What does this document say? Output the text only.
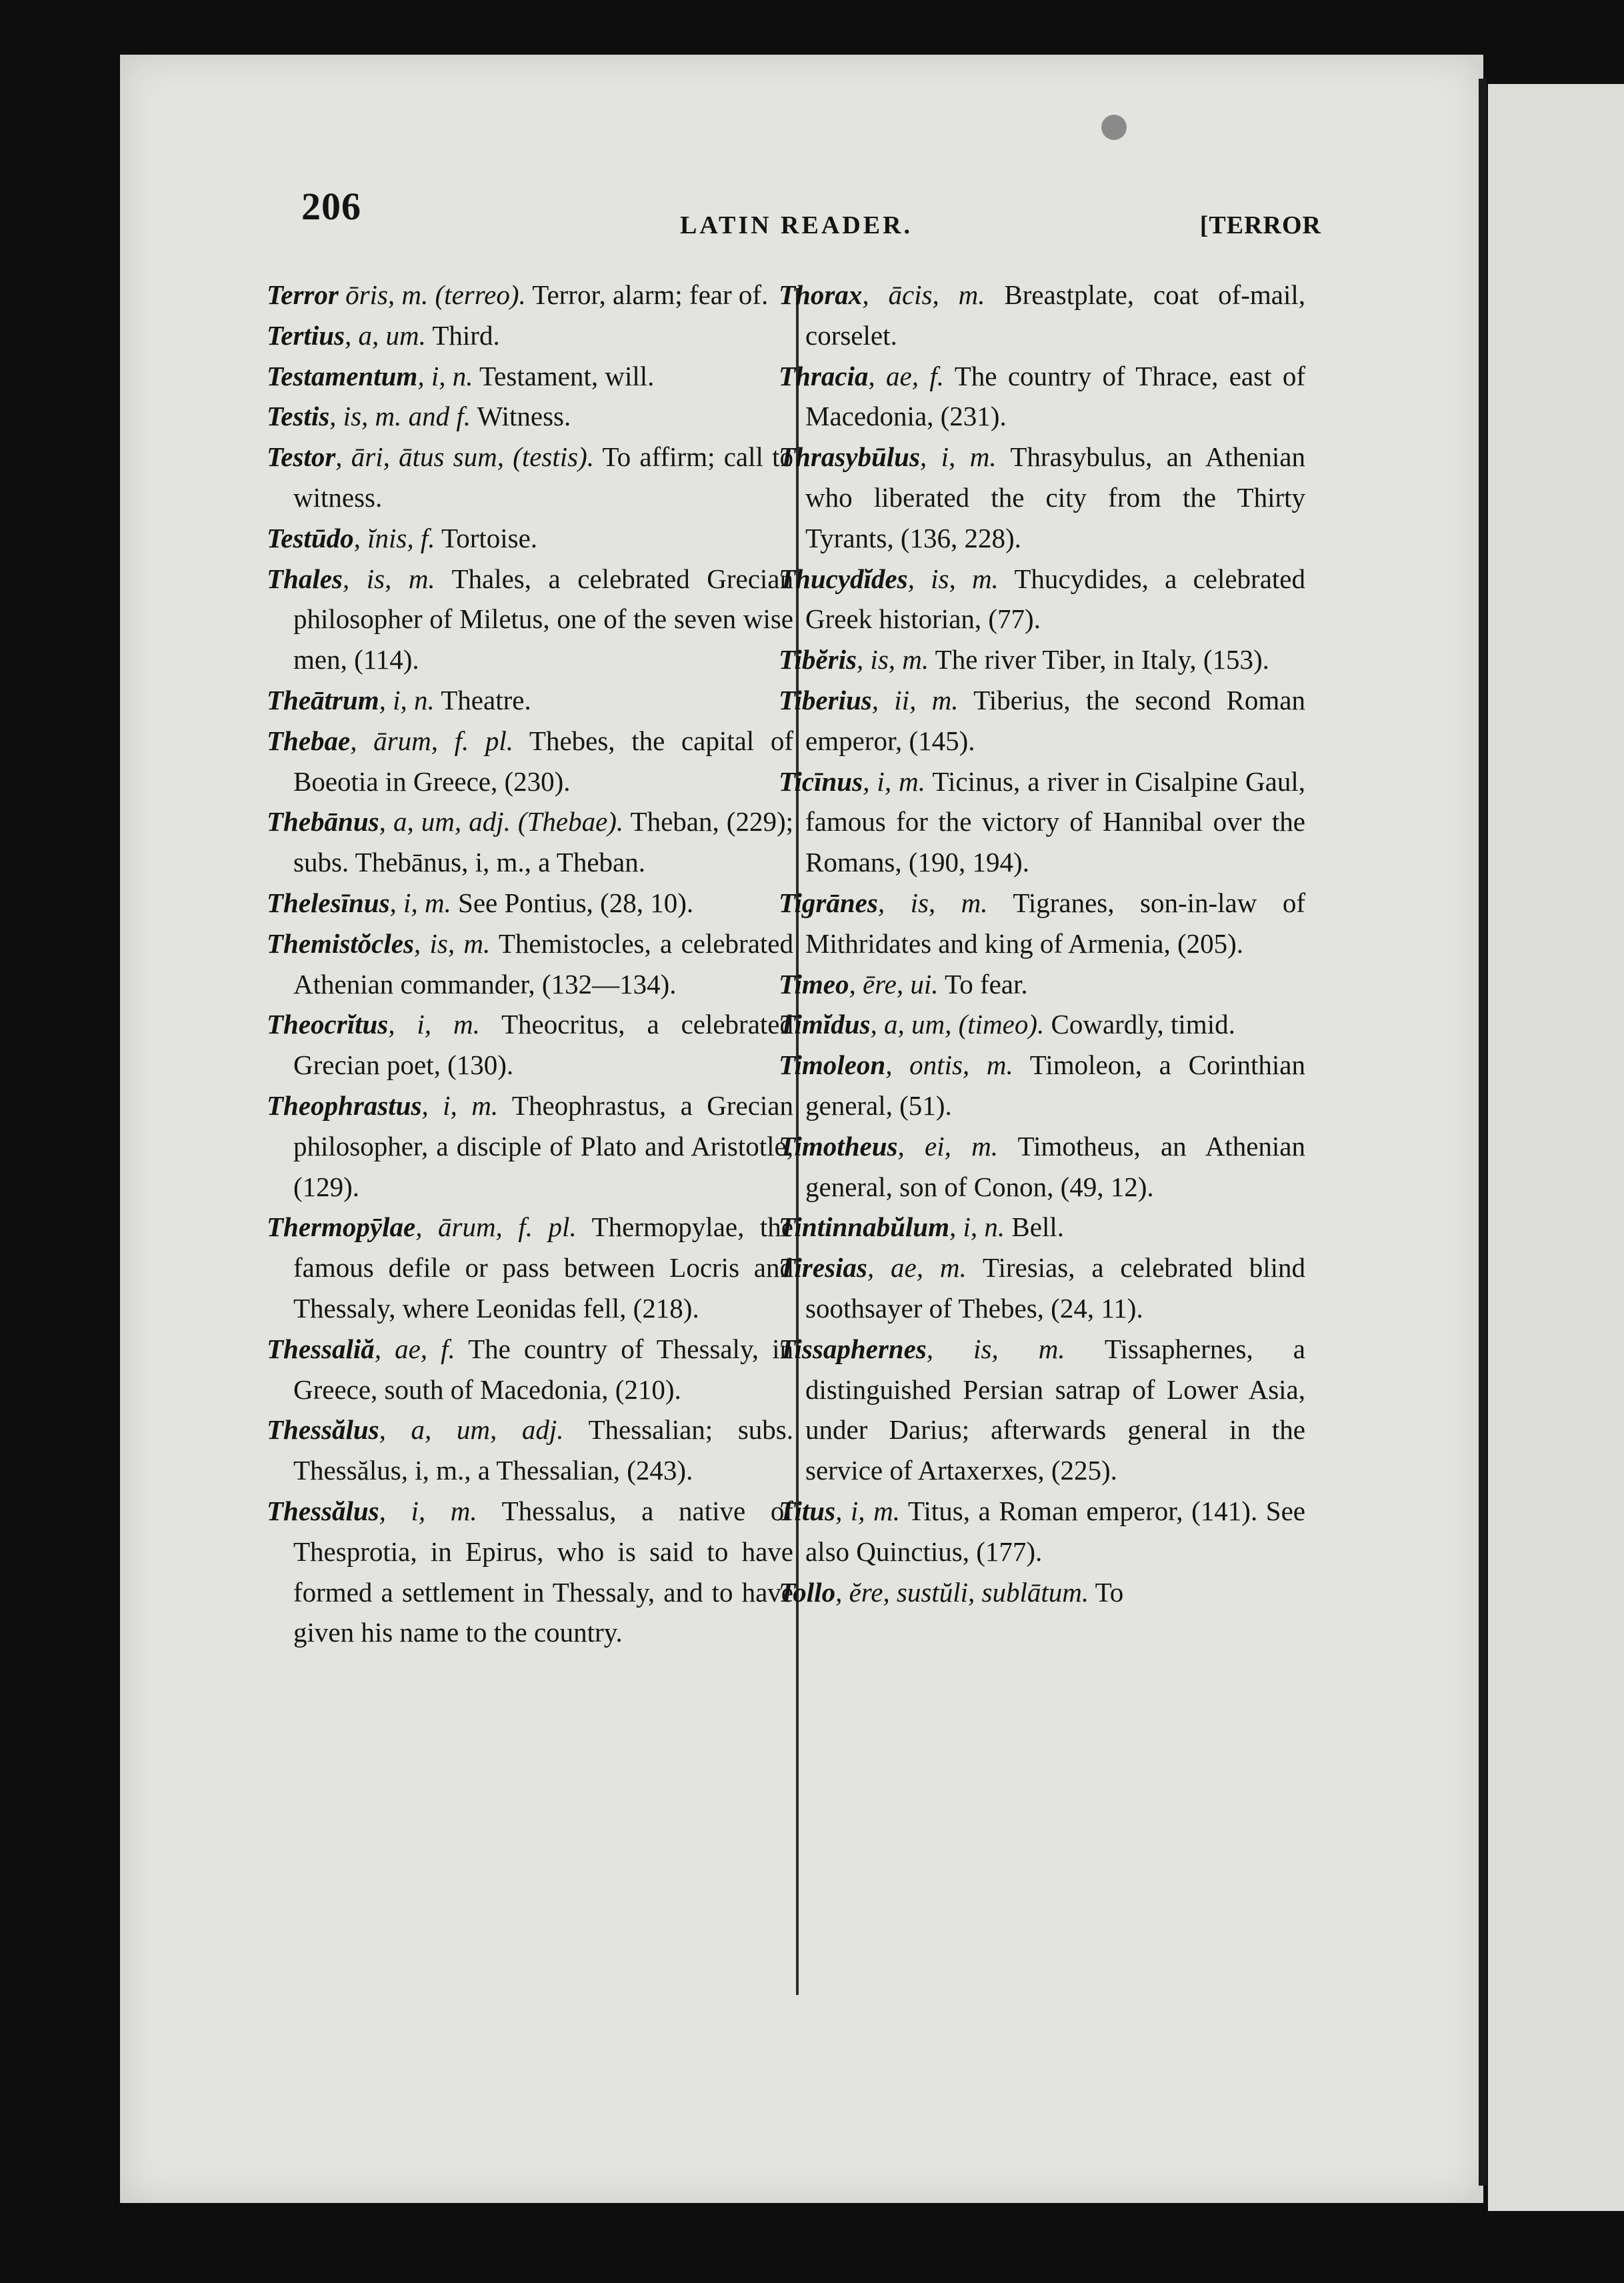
206	LATIN READER.	[TERROR

Terror ōris, m. (terreo). Terror, alarm; fear of.

Tertius, a, um. Third.

Testamentum, i, n. Testament, will.

Testis, is, m. and f. Witness.

Testor, āri, ātus sum, (testis). To affirm; call to witness.

Testūdo, ĭnis, f. Tortoise.

Thales, is, m. Thales, a celebrated Grecian philosopher of Miletus, one of the seven wise men, (114).

Theātrum, i, n. Theatre.

Thebae, ārum, f. pl. Thebes, the capital of Boeotia in Greece, (230).

Thebānus, a, um, adj. (Thebae). Theban, (229); subs. Thebānus, i, m., a Theban.

Thelesīnus, i, m. See Pontius, (28, 10).

Themistŏcles, is, m. Themistocles, a celebrated Athenian commander, (132—134).

Theocrĭtus, i, m. Theocritus, a celebrated Grecian poet, (130).

Theophrastus, i, m. Theophrastus, a Grecian philosopher, a disciple of Plato and Aristotle, (129).

Thermopȳlae, ārum, f. pl. Thermopylae, the famous defile or pass between Locris and Thessaly, where Leonidas fell, (218).

Thessaliă, ae, f. The country of Thessaly, in Greece, south of Macedonia, (210).

Thessălus, a, um, adj. Thessalian; subs. Thessălus, i, m., a Thessalian, (243).

Thessălus, i, m. Thessalus, a native of Thesprotia, in Epirus, who is said to have formed a settlement in Thessaly, and to have given his name to the country.

Thorax, ācis, m. Breastplate, coat of-mail, corselet.

Thracia, ae, f. The country of Thrace, east of Macedonia, (231).

Thrasybūlus, i, m. Thrasybulus, an Athenian who liberated the city from the Thirty Tyrants, (136, 228).

Thucydĭdes, is, m. Thucydides, a celebrated Greek historian, (77).

Tibĕris, is, m. The river Tiber, in Italy, (153).

Tiberius, ii, m. Tiberius, the second Roman emperor, (145).

Ticīnus, i, m. Ticinus, a river in Cisalpine Gaul, famous for the victory of Hannibal over the Romans, (190, 194).

Tigrānes, is, m. Tigranes, son-in-law of Mithridates and king of Armenia, (205).

Timeo, ēre, ui. To fear.

Timĭdus, a, um, (timeo). Cowardly, timid.

Timoleon, ontis, m. Timoleon, a Corinthian general, (51).

Timotheus, ei, m. Timotheus, an Athenian general, son of Conon, (49, 12).

Tintinnabŭlum, i, n. Bell.

Tiresias, ae, m. Tiresias, a celebrated blind soothsayer of Thebes, (24, 11).

Tissaphernes, is, m. Tissaphernes, a distinguished Persian satrap of Lower Asia, under Darius; afterwards general in the service of Artaxerxes, (225).

Titus, i, m. Titus, a Roman emperor, (141). See also Quinctius, (177).

Tollo, ĕre, sustŭli, sublātum. To
